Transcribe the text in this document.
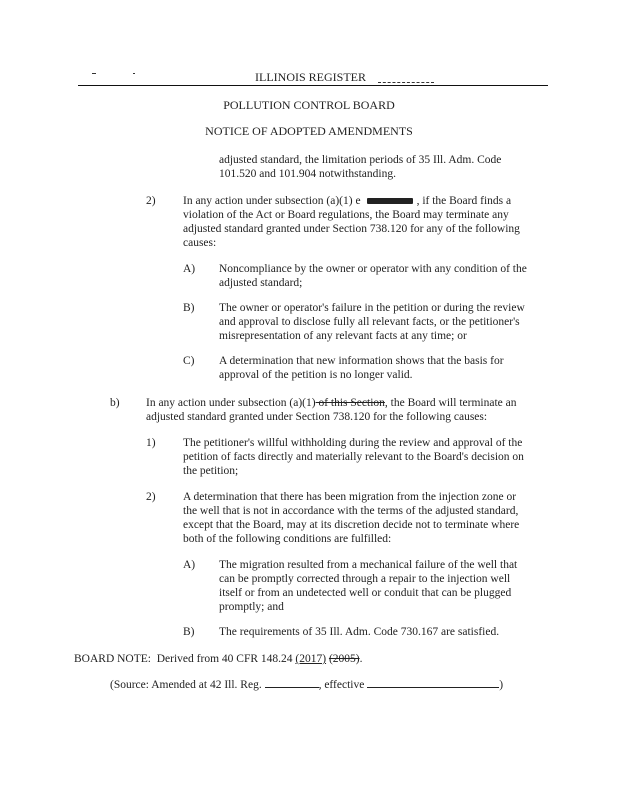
ILLINOIS REGISTER
POLLUTION CONTROL BOARD
NOTICE OF ADOPTED AMENDMENTS
adjusted standard, the limitation periods of 35 Ill. Adm. Code
101.520 and 101.904 notwithstanding.
2) In any action under subsection (a)(1) e	, if the Board finds a
violation of the Act or Board regulations, the Board may terminate any
adjusted standard granted under Section 738.120 for any of the following
causes:
A) Noncompliance by the owner or operator with any condition of the
adjusted standard;
B) The owner or operator's failure in the petition or during the review
and approval to disclose fully all relevant facts, or the petitioner's
misrepresentation of any relevant facts at any time; or
C) A determination that new information shows that the basis for
approval of the petition is no longer valid.
b) In any action under subsection (a)(1) of this Section, the Board will terminate an
adjusted standard granted under Section 738.120 for the following causes:
1) The petitioner's willful withholding during the review and approval of the
petition of facts directly and materially relevant to the Board's decision on
the petition;
2) A determination that there has been migration from the injection zone or
the well that is not in accordance with the terms of the adjusted standard,
except that the Board, may at its discretion decide not to terminate where
both of the following conditions are fulfilled:
A) The migration resulted from a mechanical failure of the well that
can be promptly corrected through a repair to the injection well
itself or from an undetected well or conduit that can be plugged
promptly; and
B) The requirements of 35 Ill. Adm. Code 730.167 are satisfied.
BOARD NOTE: Derived from 40 CFR 148.24 (2017) (2005).
(Source: Amended at 42 Ill. Reg.	, effective	)
